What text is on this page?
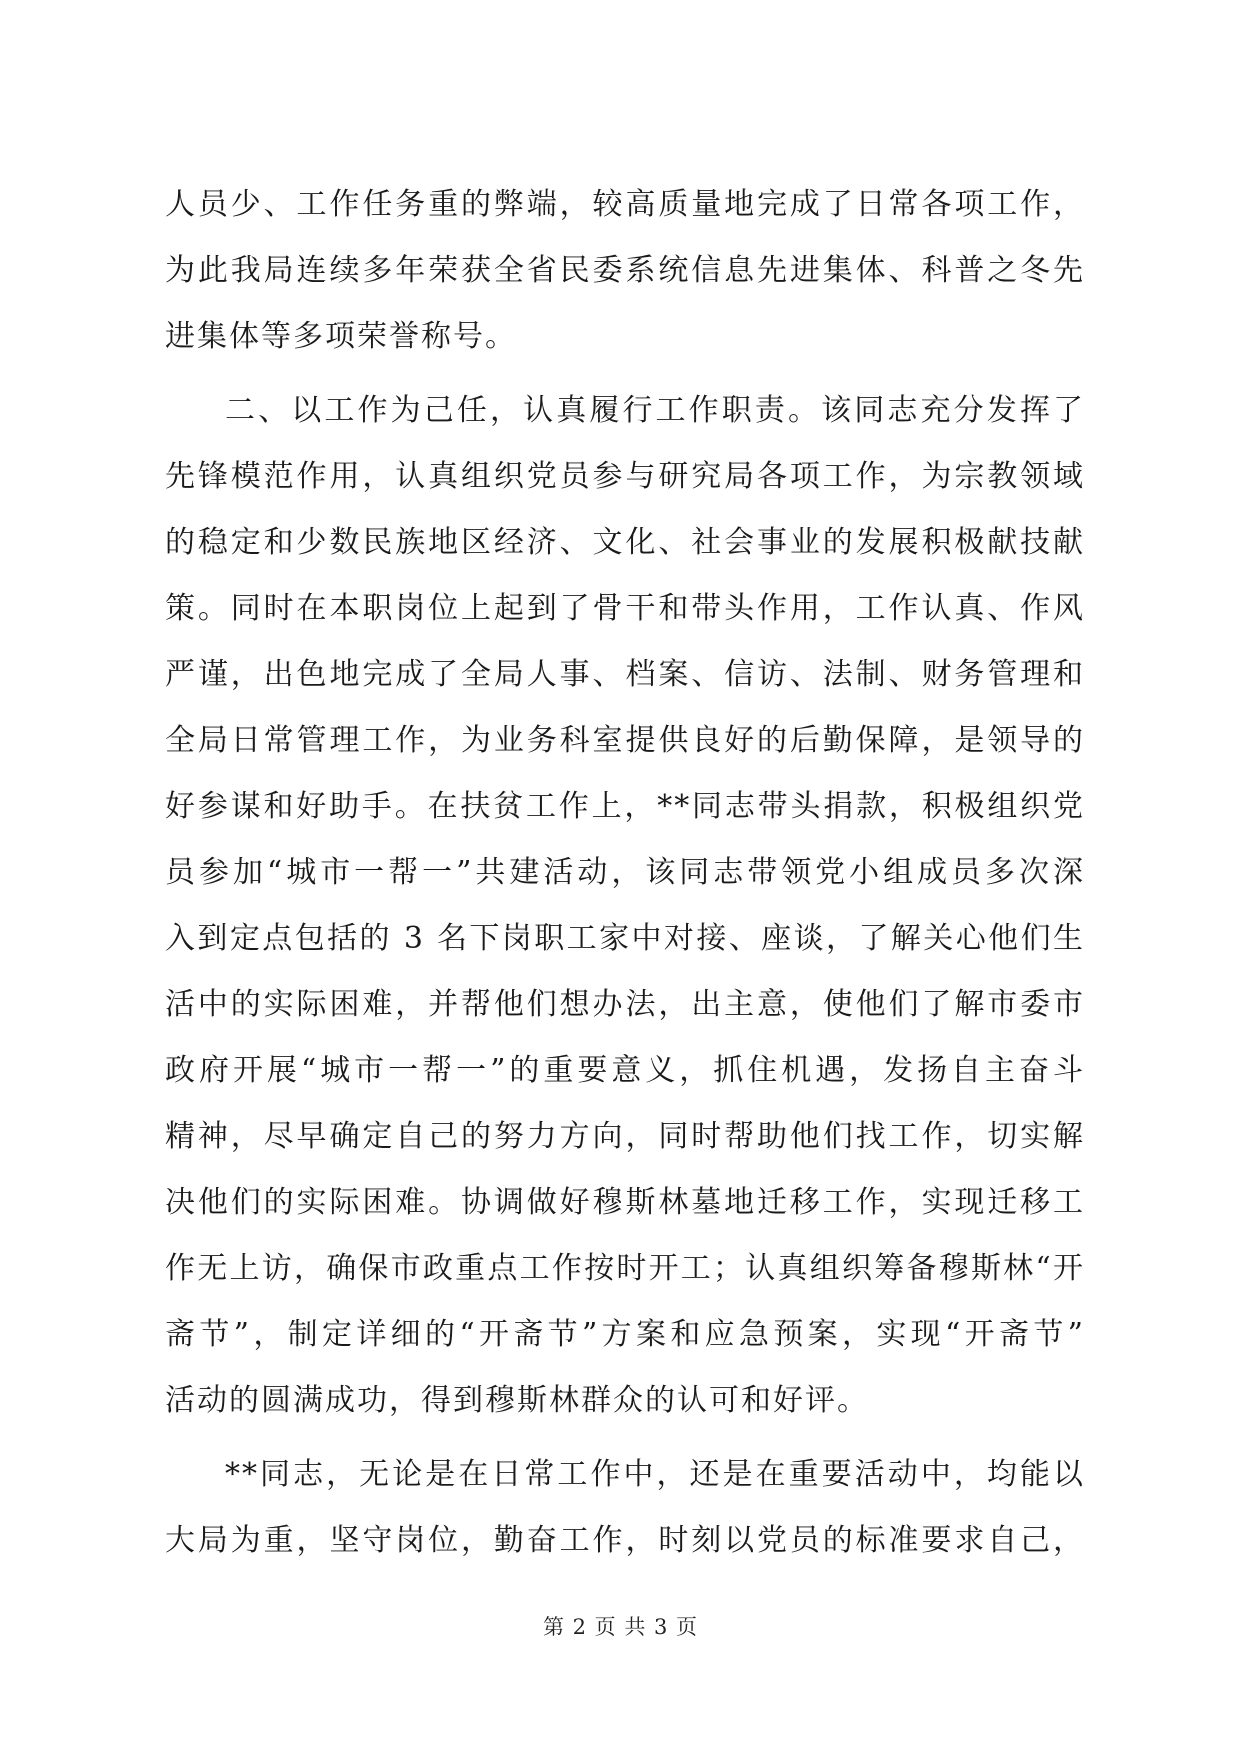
人员少、工作任务重的弊端，较高质量地完成了日常各项工作，
为此我局连续多年荣获全省民委系统信息先进集体、科普之冬先
进集体等多项荣誉称号。
二、以工作为己任，认真履行工作职责。该同志充分发挥了
先锋模范作用，认真组织党员参与研究局各项工作，为宗教领域
的稳定和少数民族地区经济、文化、社会事业的发展积极献技献
策。同时在本职岗位上起到了骨干和带头作用，工作认真、作风
严谨，出色地完成了全局人事、档案、信访、法制、财务管理和
全局日常管理工作，为业务科室提供良好的后勤保障，是领导的
好参谋和好助手。在扶贫工作上，**同志带头捐款，积极组织党
员参加“城市一帮一”共建活动，该同志带领党小组成员多次深
入到定点包括的 3 名下岗职工家中对接、座谈，了解关心他们生
活中的实际困难，并帮他们想办法，出主意，使他们了解市委市
政府开展“城市一帮一”的重要意义，抓住机遇，发扬自主奋斗
精神，尽早确定自己的努力方向，同时帮助他们找工作，切实解
决他们的实际困难。协调做好穆斯林墓地迁移工作，实现迁移工
作无上访，确保市政重点工作按时开工；认真组织筹备穆斯林“开
斋节”，制定详细的“开斋节”方案和应急预案，实现“开斋节”
活动的圆满成功，得到穆斯林群众的认可和好评。
**同志，无论是在日常工作中，还是在重要活动中，均能以
大局为重，坚守岗位，勤奋工作，时刻以党员的标准要求自己，
第 2 页 共 3 页
